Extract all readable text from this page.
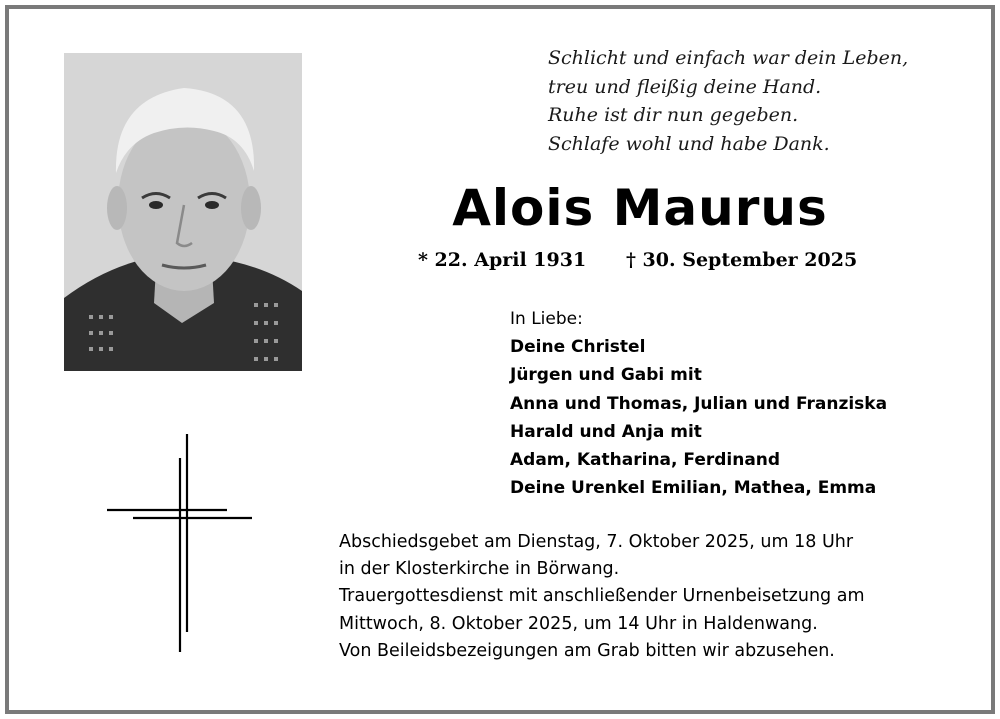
Schlicht und einfach war dein Leben,
treu und fleißig deine Hand.
Ruhe ist dir nun gegeben.
Schlafe wohl und habe Dank.
Alois Maurus
* 22. April 1931 † 30. September 2025
In Liebe:
Deine Christel
Jürgen und Gabi mit
Anna und Thomas, Julian und Franziska
Harald und Anja mit
Adam, Katharina, Ferdinand
Deine Urenkel Emilian, Mathea, Emma
Abschiedsgebet am Dienstag, 7. Oktober 2025, um 18 Uhr
in der Klosterkirche in Börwang.
Trauergottesdienst mit anschließender Urnenbeisetzung am
Mittwoch, 8. Oktober 2025, um 14 Uhr in Haldenwang.
Von Beileidsbezeigungen am Grab bitten wir abzusehen.
